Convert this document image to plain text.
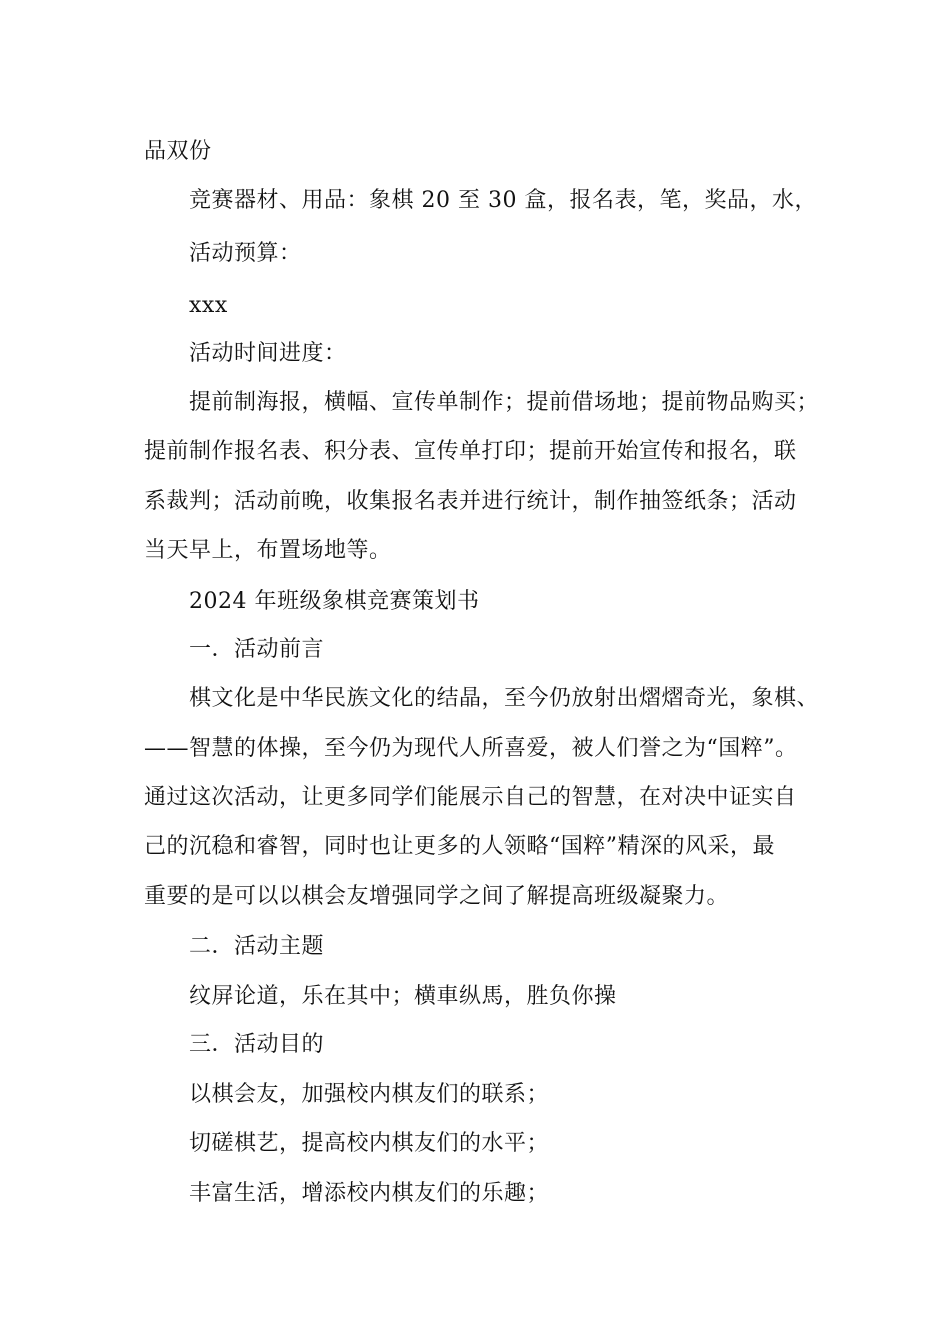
品双份
竞赛器材、用品：象棋 20 至 30 盒，报名表，笔，奖品，水，
活动预算：
xxx
活动时间进度：
提前制海报，横幅、宣传单制作；提前借场地；提前物品购买；
提前制作报名表、积分表、宣传单打印；提前开始宣传和报名，联
系裁判；活动前晚，收集报名表并进行统计，制作抽签纸条；活动
当天早上，布置场地等。
2024 年班级象棋竞赛策划书
一．活动前言
棋文化是中华民族文化的结晶，至今仍放射出熠熠奇光，象棋、
——智慧的体操，至今仍为现代人所喜爱，被人们誉之为“国粹”。
通过这次活动，让更多同学们能展示自己的智慧，在对决中证实自
己的沉稳和睿智，同时也让更多的人领略“国粹”精深的风采，最
重要的是可以以棋会友增强同学之间了解提高班级凝聚力。
二．活动主题
纹屏论道，乐在其中；横車纵馬，胜负你操
三．活动目的
以棋会友，加强校内棋友们的联系；
切磋棋艺，提高校内棋友们的水平；
丰富生活，增添校内棋友们的乐趣；
